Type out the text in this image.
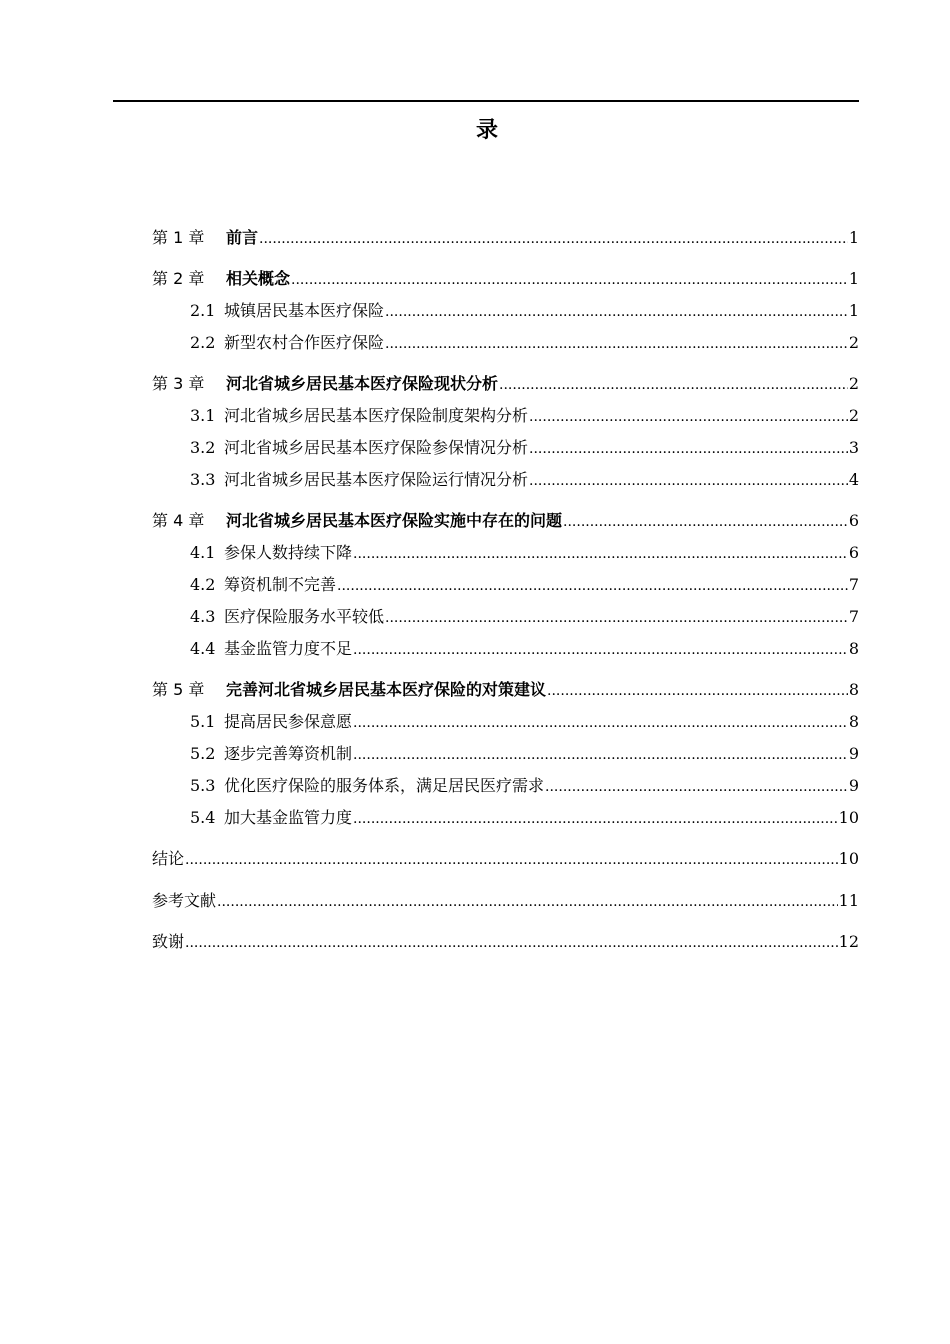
录
第 1 章 前言 .....	1
第 2 章 相关概念 .....	1
2.1 城镇居民基本医疗保险 .....	1
2.2 新型农村合作医疗保险 .....	2
第 3 章 河北省城乡居民基本医疗保险现状分析 .....	2
3.1 河北省城乡居民基本医疗保险制度架构分析 .....	2
3.2 河北省城乡居民基本医疗保险参保情况分析 .....	3
3.3 河北省城乡居民基本医疗保险运行情况分析 .....	4
第 4 章 河北省城乡居民基本医疗保险实施中存在的问题 .....	6
4.1 参保人数持续下降 .....	6
4.2 筹资机制不完善 .....	7
4.3 医疗保险服务水平较低 .....	7
4.4 基金监管力度不足 .....	8
第 5 章 完善河北省城乡居民基本医疗保险的对策建议 .....	8
5.1 提高居民参保意愿 .....	8
5.2 逐步完善筹资机制 .....	9
5.3 优化医疗保险的服务体系，满足居民医疗需求 .....	9
5.4 加大基金监管力度 .....	10
结论 .....	10
参考文献 .....	11
致谢 .....	12
